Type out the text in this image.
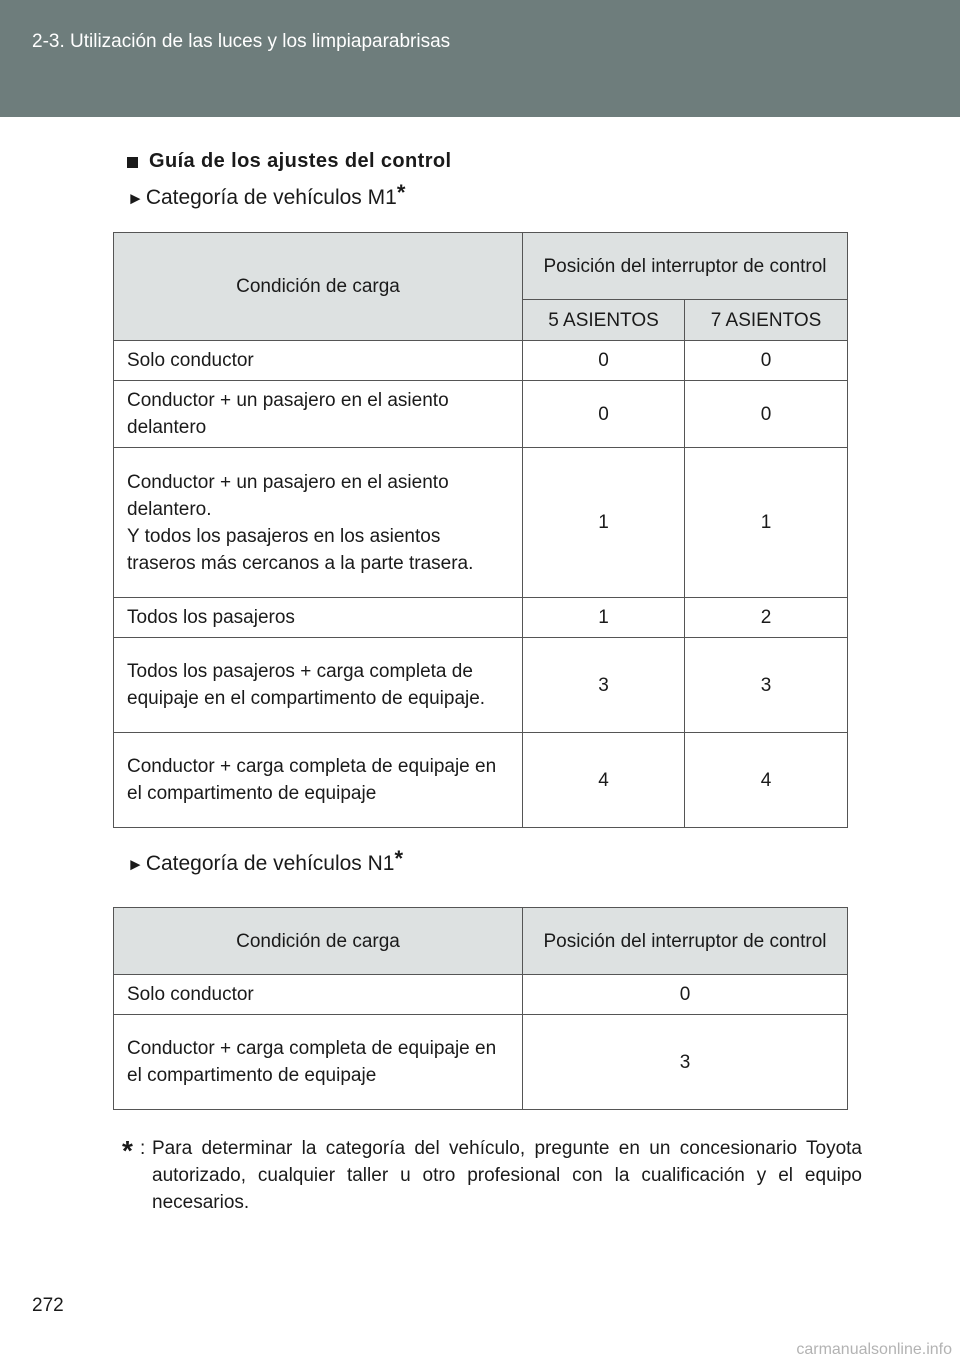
2-3. Utilización de las luces y los limpiaparabrisas
Guía de los ajustes del control
► Categoría de vehículos M1*
Condición de carga	Posición del interruptor de control	
	5 ASIENTOS	7 ASIENTOS
Solo conductor	0	0
Conductor + un pasajero en el asiento delantero	0	0
Conductor + un pasajero en el asiento delantero.
Y todos los pasajeros en los asientos traseros más cercanos a la parte trasera.	1	1
Todos los pasajeros	1	2
Todos los pasajeros + carga completa de equipaje en el compartimento de equipaje.	3	3
Conductor + carga completa de equipaje en el compartimento de equipaje	4	4
► Categoría de vehículos N1*
Condición de carga	Posición del interruptor de control
Solo conductor	0
Conductor + carga completa de equipaje en el compartimento de equipaje	3
* : Para determinar la categoría del vehículo, pregunte en un concesionario Toyota autorizado, cualquier taller u otro profesional con la cualificación y el equipo necesarios.
272
carmanualsonline.info
